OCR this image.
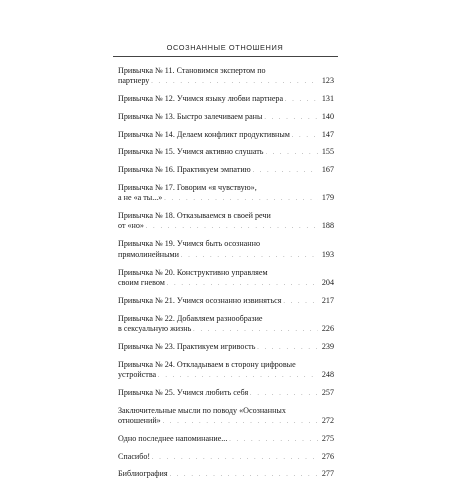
ОСОЗНАННЫЕ ОТНОШЕНИЯ
Привычка № 11. Становимся экспертом по
партнеру . . .	123
Привычка № 12. Учимся языку любви партнера . . .	131
Привычка № 13. Быстро залечиваем раны . . .	140
Привычка № 14. Делаем конфликт продуктивным . . .	147
Привычка № 15. Учимся активно слушать . . .	155
Привычка № 16. Практикуем эмпатию . . .	167
Привычка № 17. Говорим «я чувствую»,
а не «а ты...» . . .	179
Привычка № 18. Отказываемся в своей речи
от «но» . . .	188
Привычка № 19. Учимся быть осознанно
прямолинейными . . .	193
Привычка № 20. Конструктивно управляем
своим гневом . . .	204
Привычка № 21. Учимся осознанно извиняться . . .	217
Привычка № 22. Добавляем разнообразие
в сексуальную жизнь . . .	226
Привычка № 23. Практикуем игривость . . .	239
Привычка № 24. Откладываем в сторону цифровые
устройства . . .	248
Привычка № 25. Учимся любить себя . . .	257
Заключительные мысли по поводу «Осознанных
отношений» . . .	272
Одно последнее напоминание... . . .	275
Спасибо! . . .	276
Библиография . . .	277
